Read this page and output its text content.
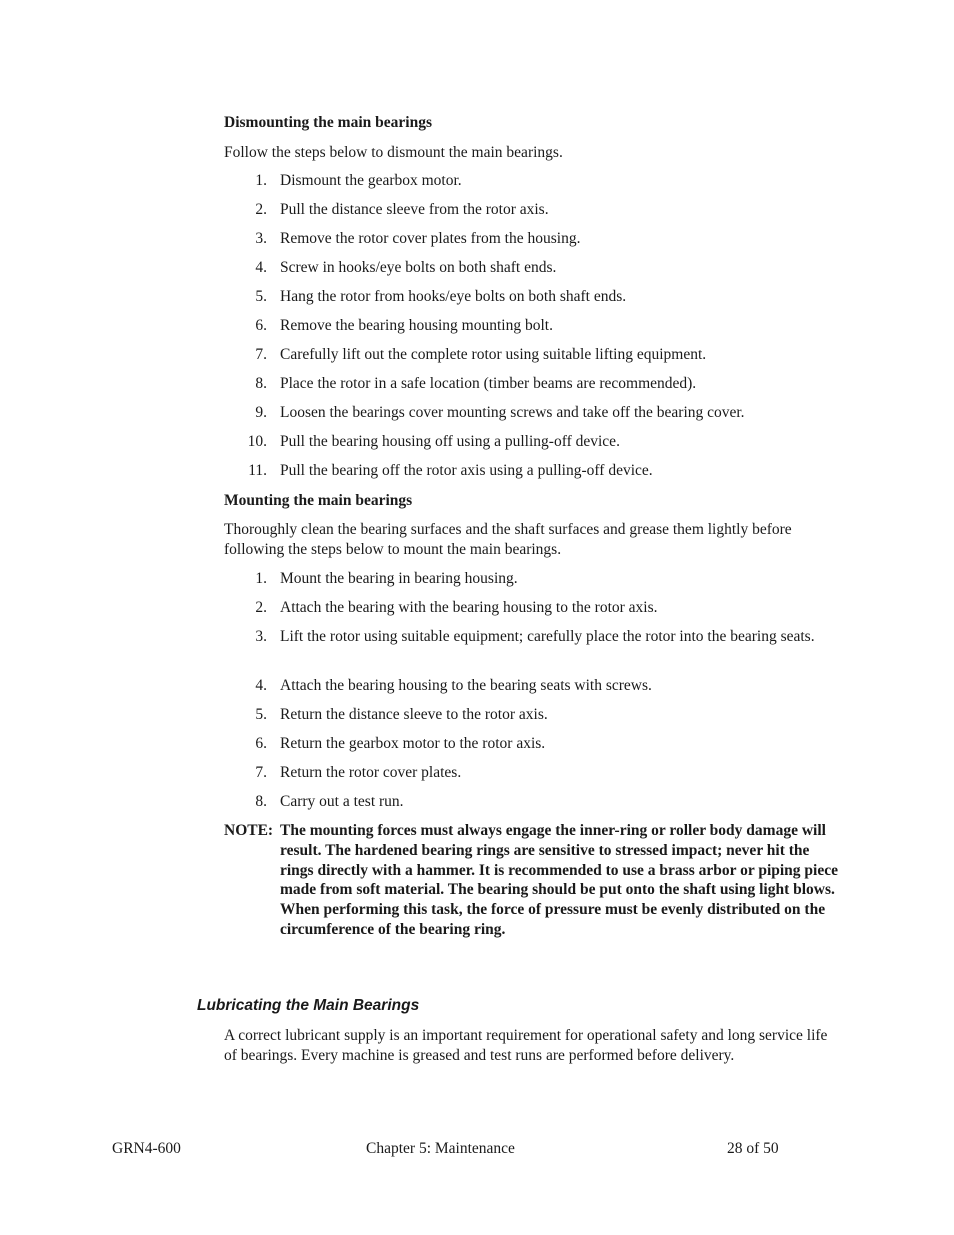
Dismounting the main bearings
Follow the steps below to dismount the main bearings.
1. Dismount the gearbox motor.
2. Pull the distance sleeve from the rotor axis.
3. Remove the rotor cover plates from the housing.
4. Screw in hooks/eye bolts on both shaft ends.
5. Hang the rotor from hooks/eye bolts on both shaft ends.
6. Remove the bearing housing mounting bolt.
7. Carefully lift out the complete rotor using suitable lifting equipment.
8. Place the rotor in a safe location (timber beams are recommended).
9. Loosen the bearings cover mounting screws and take off the bearing cover.
10. Pull the bearing housing off using a pulling-off device.
11. Pull the bearing off the rotor axis using a pulling-off device.
Mounting the main bearings
Thoroughly clean the bearing surfaces and the shaft surfaces and grease them lightly before following the steps below to mount the main bearings.
1. Mount the bearing in bearing housing.
2. Attach the bearing with the bearing housing to the rotor axis.
3. Lift the rotor using suitable equipment; carefully place the rotor into the bearing seats.
4. Attach the bearing housing to the bearing seats with screws.
5. Return the distance sleeve to the rotor axis.
6. Return the gearbox motor to the rotor axis.
7. Return the rotor cover plates.
8. Carry out a test run.
NOTE: The mounting forces must always engage the inner-ring or roller body damage will result. The hardened bearing rings are sensitive to stressed impact; never hit the rings directly with a hammer. It is recommended to use a brass arbor or piping piece made from soft material. The bearing should be put onto the shaft using light blows. When performing this task, the force of pressure must be evenly distributed on the circumference of the bearing ring.
Lubricating the Main Bearings
A correct lubricant supply is an important requirement for operational safety and long service life of bearings. Every machine is greased and test runs are performed before delivery.
GRN4-600	Chapter 5: Maintenance	28 of 50
